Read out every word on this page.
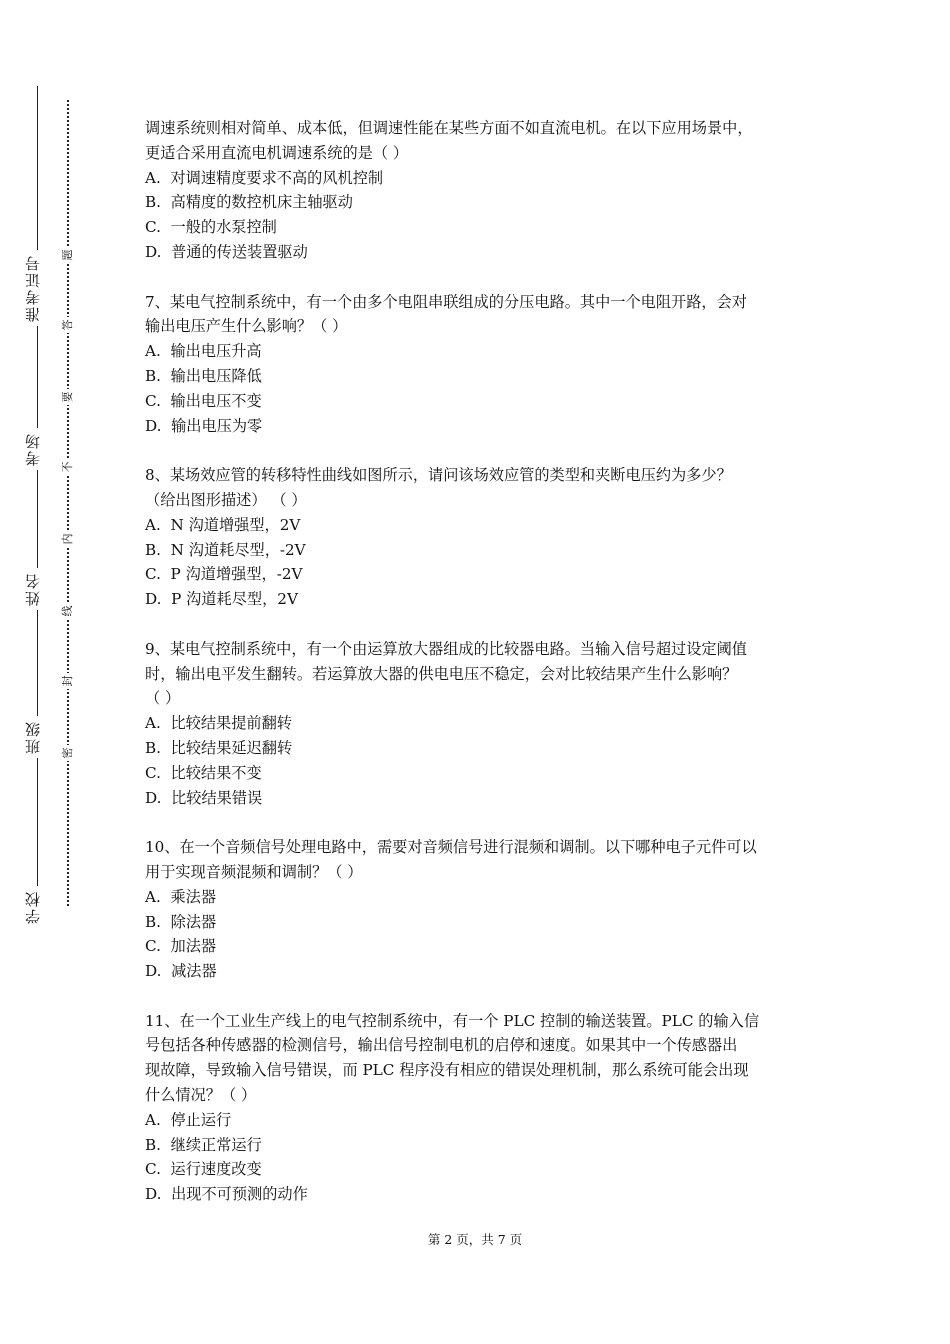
准考证号
考场
姓名
班级
学校
题
答
要
不
内
线
封
密

调速系统则相对简单、成本低，但调速性能在某些方面不如直流电机。在以下应用场景中，

更适合采用直流电机调速系统的是（ ）

A.  对调速精度要求不高的风机控制

B.  高精度的数控机床主轴驱动

C.  一般的水泵控制

D.  普通的传送装置驱动

7、某电气控制系统中，有一个由多个电阻串联组成的分压电路。其中一个电阻开路，会对

输出电压产生什么影响？（ ）

A.  输出电压升高

B.  输出电压降低

C.  输出电压不变

D.  输出电压为零

8、某场效应管的转移特性曲线如图所示，请问该场效应管的类型和夹断电压约为多少？

（给出图形描述） （ ）

A.  N 沟道增强型，2V

B.  N 沟道耗尽型，-2V

C.  P 沟道增强型，-2V

D.  P 沟道耗尽型，2V

9、某电气控制系统中，有一个由运算放大器组成的比较器电路。当输入信号超过设定阈值

时，输出电平发生翻转。若运算放大器的供电电压不稳定，会对比较结果产生什么影响？

（ ）

A.  比较结果提前翻转

B.  比较结果延迟翻转

C.  比较结果不变

D.  比较结果错误

10、在一个音频信号处理电路中，需要对音频信号进行混频和调制。以下哪种电子元件可以

用于实现音频混频和调制？（ ）

A.  乘法器

B.  除法器

C.  加法器

D.  减法器

11、在一个工业生产线上的电气控制系统中，有一个 PLC 控制的输送装置。PLC 的输入信

号包括各种传感器的检测信号，输出信号控制电机的启停和速度。如果其中一个传感器出

现故障，导致输入信号错误，而 PLC 程序没有相应的错误处理机制，那么系统可能会出现

什么情况？（ ）

A.  停止运行

B.  继续正常运行

C.  运行速度改变

D.  出现不可预测的动作

第 2 页，共 7 页
